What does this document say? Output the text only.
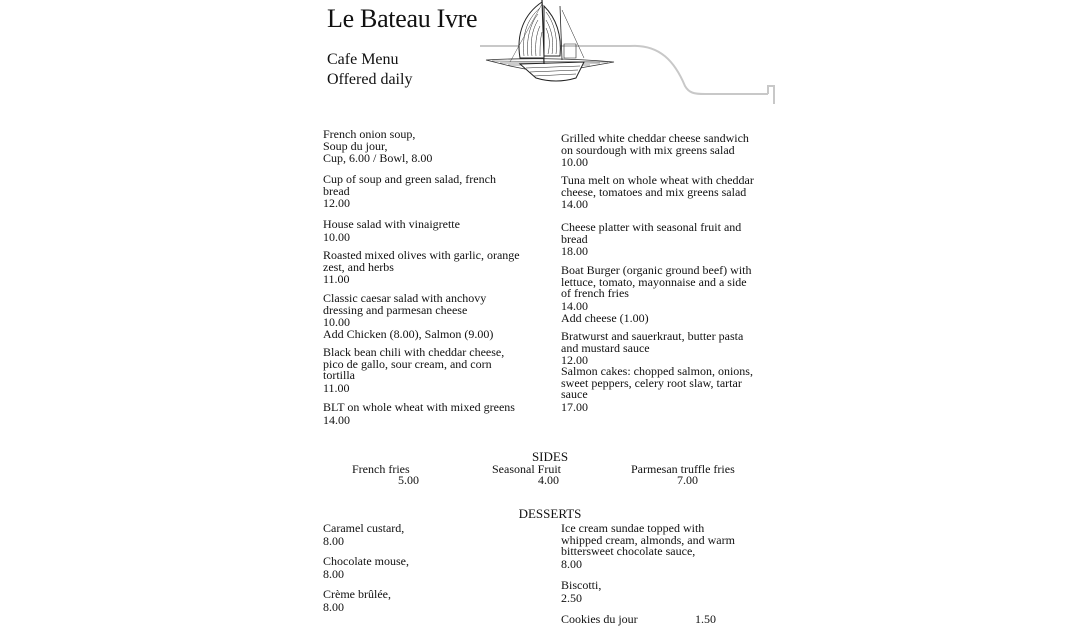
Le Bateau Ivre
Cafe Menu
Offered daily
French onion soup,
Soup du jour,
Cup, 6.00 / Bowl, 8.00
Cup of soup and green salad, french
bread
12.00
House salad with vinaigrette
10.00
Roasted mixed olives with garlic, orange
zest, and herbs
11.00
Classic caesar salad with anchovy
dressing and parmesan cheese
10.00
Add Chicken (8.00), Salmon (9.00)
Black bean chili with cheddar cheese,
pico de gallo, sour cream, and corn
tortilla
11.00
BLT on whole wheat with mixed greens
14.00
Grilled white cheddar cheese sandwich
on sourdough with mix greens salad
10.00
Tuna melt on whole wheat with cheddar
cheese, tomatoes and mix greens salad
14.00
Cheese platter with seasonal fruit and
bread
18.00
Boat Burger (organic ground beef) with
lettuce, tomato, mayonnaise and a side
of french fries
14.00
Add cheese (1.00)
Bratwurst and sauerkraut, butter pasta
and mustard sauce
12.00
Salmon cakes: chopped salmon, onions,
sweet peppers, celery root slaw, tartar
sauce
17.00
SIDES
French fries
5.00
Seasonal Fruit
4.00
Parmesan truffle fries
7.00
DESSERTS
Caramel custard,
8.00
Chocolate mouse,
8.00
Crème brûlée,
8.00
Ice cream sundae topped with
whipped cream, almonds, and warm
bittersweet chocolate sauce,
8.00
Biscotti,
2.50
Cookies du jour	1.50
